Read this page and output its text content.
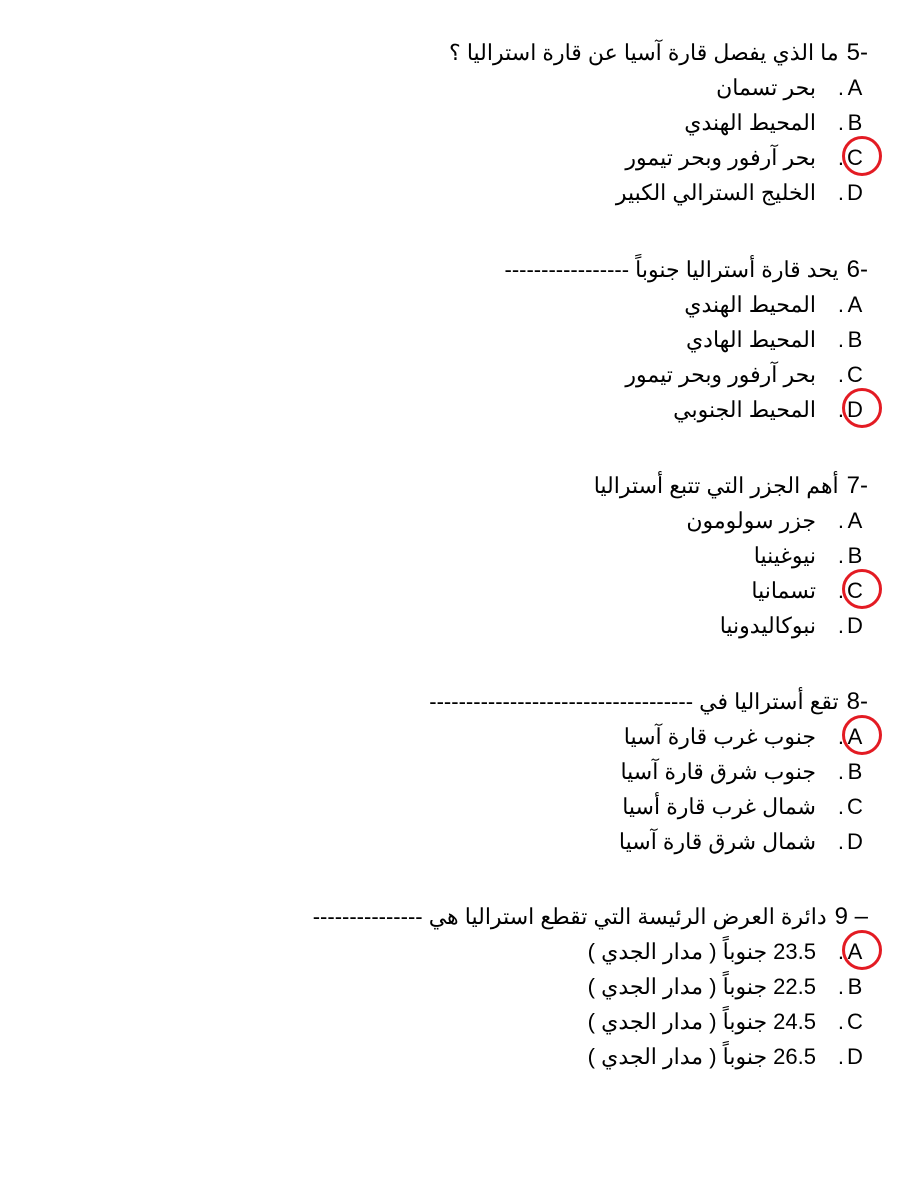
5-
ما الذي يفصل قارة آسيا عن قارة استراليا ؟
A
.
بحر تسمان
B
.
المحيط الهندي
C
.
بحر آرفور وبحر تيمور
D
.
الخليج السترالي الكبير
6-
يحد قارة أستراليا جنوباً -----------------
A
.
المحيط الهندي
B
.
المحيط الهادي
C
.
بحر آرفور وبحر تيمور
D
.
المحيط الجنوبي
7-
أهم الجزر التي تتبع أستراليا
A
.
جزر سولومون
B
.
نيوغينيا
C
.
تسمانيا
D
.
نبوكاليدونيا
8-
تقع أستراليا في ------------------------------------
A
.
جنوب غرب قارة آسيا
B
.
جنوب شرق قارة آسيا
C
.
شمال غرب قارة أسيا
D
.
شمال شرق قارة آسيا
9 –
دائرة العرض الرئيسة التي تقطع استراليا هي ---------------
A
.
23.5 جنوباً ( مدار الجدي )
B
.
22.5 جنوباً ( مدار الجدي )
C
.
24.5 جنوباً ( مدار الجدي )
D
.
26.5 جنوباً ( مدار الجدي )
